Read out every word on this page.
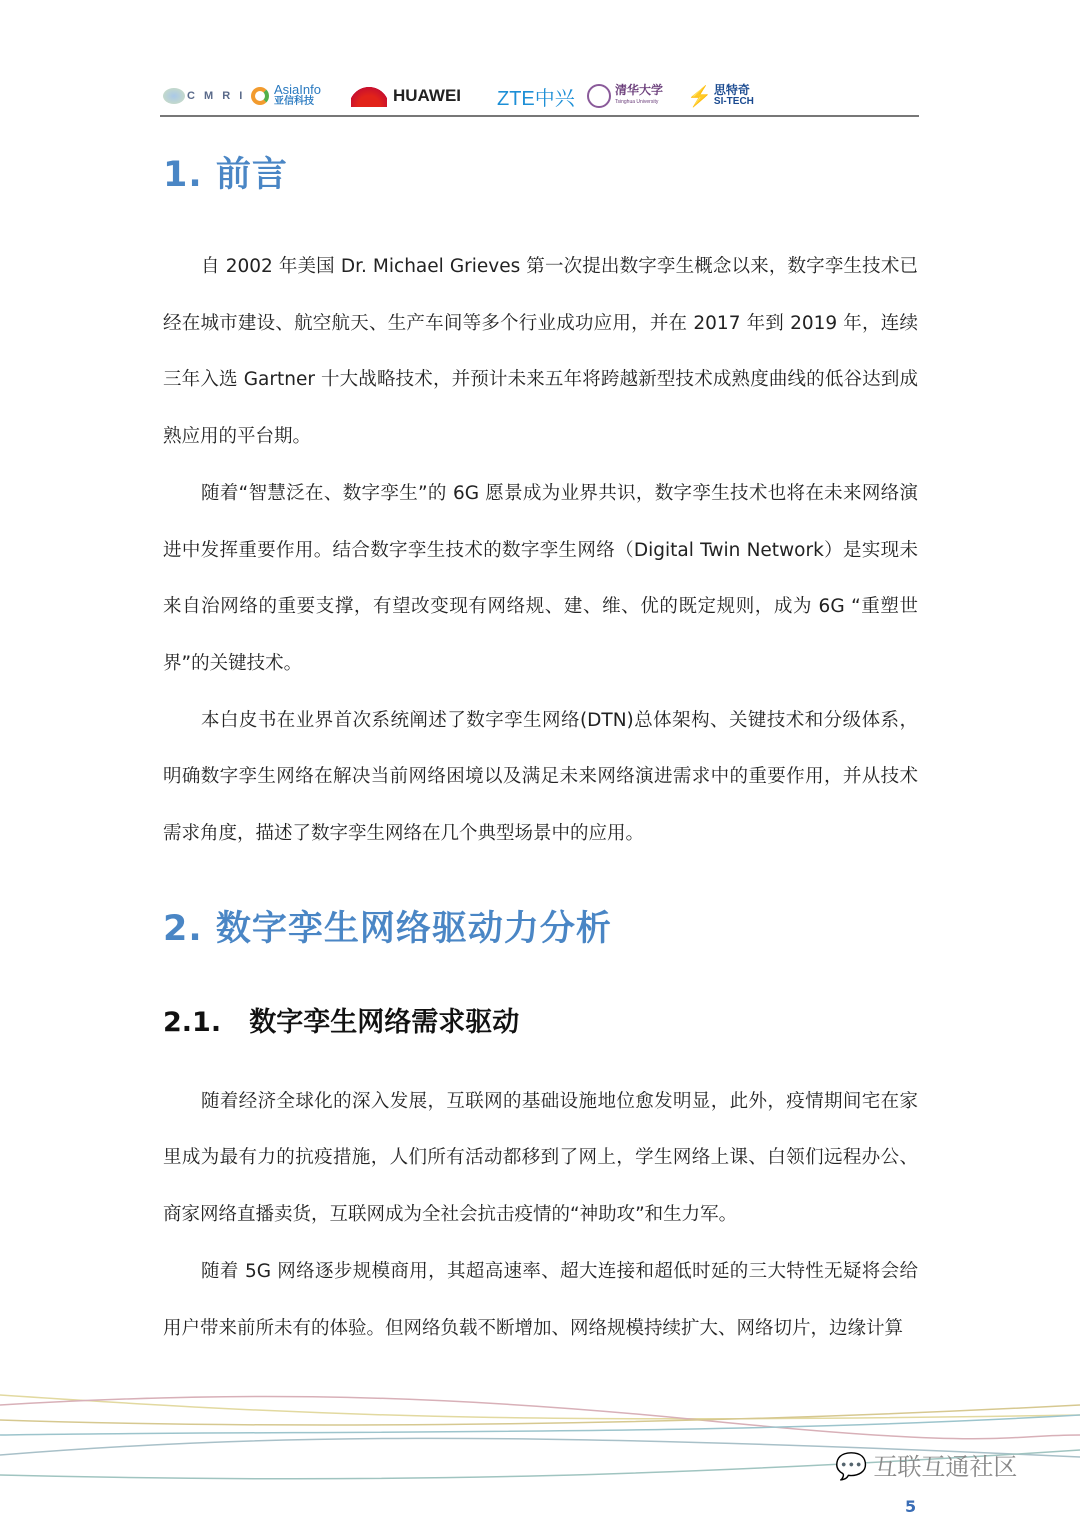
C M R I AsiaInfo
亚信科技	HUAWEI ZTE中兴	清华大学
Tsinghua University ⚡ 思特奇
SI-TECH
1. 前言

自 2002 年美国 Dr. Michael Grieves 第一次提出数字孪生概念以来，数字孪生技术已经在城市建设、航空航天、生产车间等多个行业成功应用，并在 2017 年到 2019 年，连续三年入选 Gartner 十大战略技术，并预计未来五年将跨越新型技术成熟度曲线的低谷达到成熟应用的平台期。

随着“智慧泛在、数字孪生”的 6G 愿景成为业界共识，数字孪生技术也将在未来网络演进中发挥重要作用。结合数字孪生技术的数字孪生网络（Digital Twin Network）是实现未来自治网络的重要支撑，有望改变现有网络规、建、维、优的既定规则，成为 6G “重塑世界”的关键技术。

本白皮书在业界首次系统阐述了数字孪生网络(DTN)总体架构、关键技术和分级体系，明确数字孪生网络在解决当前网络困境以及满足未来网络演进需求中的重要作用，并从技术需求角度，描述了数字孪生网络在几个典型场景中的应用。

2. 数字孪生网络驱动力分析
2.1.   数字孪生网络需求驱动

随着经济全球化的深入发展，互联网的基础设施地位愈发明显，此外，疫情期间宅在家里成为最有力的抗疫措施，人们所有活动都移到了网上，学生网络上课、白领们远程办公、商家网络直播卖货，互联网成为全社会抗击疫情的“神助攻”和生力军。

随着 5G 网络逐步规模商用，其超高速率、超大连接和超低时延的三大特性无疑将会给用户带来前所未有的体验。但网络负载不断增加、网络规模持续扩大、网络切片，边缘计算

💬 互联互通社区
5
